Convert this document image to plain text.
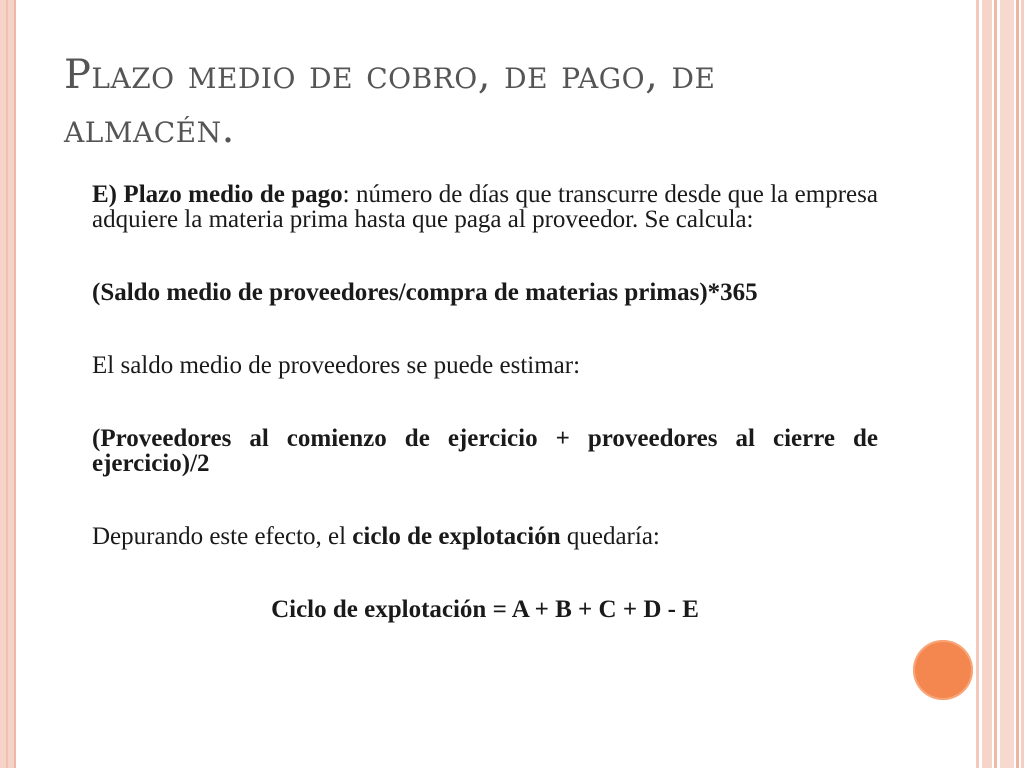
Plazo medio de cobro, de pago, de almacén.

E) Plazo medio de pago: número de días que transcurre desde que la empresa adquiere la materia prima hasta que paga al proveedor. Se calcula:

(Saldo medio de proveedores/compra de materias primas)*365

El saldo medio de proveedores se puede estimar:

(Proveedores al comienzo de ejercicio + proveedores al cierre de ejercicio)/2

Depurando este efecto, el ciclo de explotación quedaría:

Ciclo de explotación = A + B + C + D - E
